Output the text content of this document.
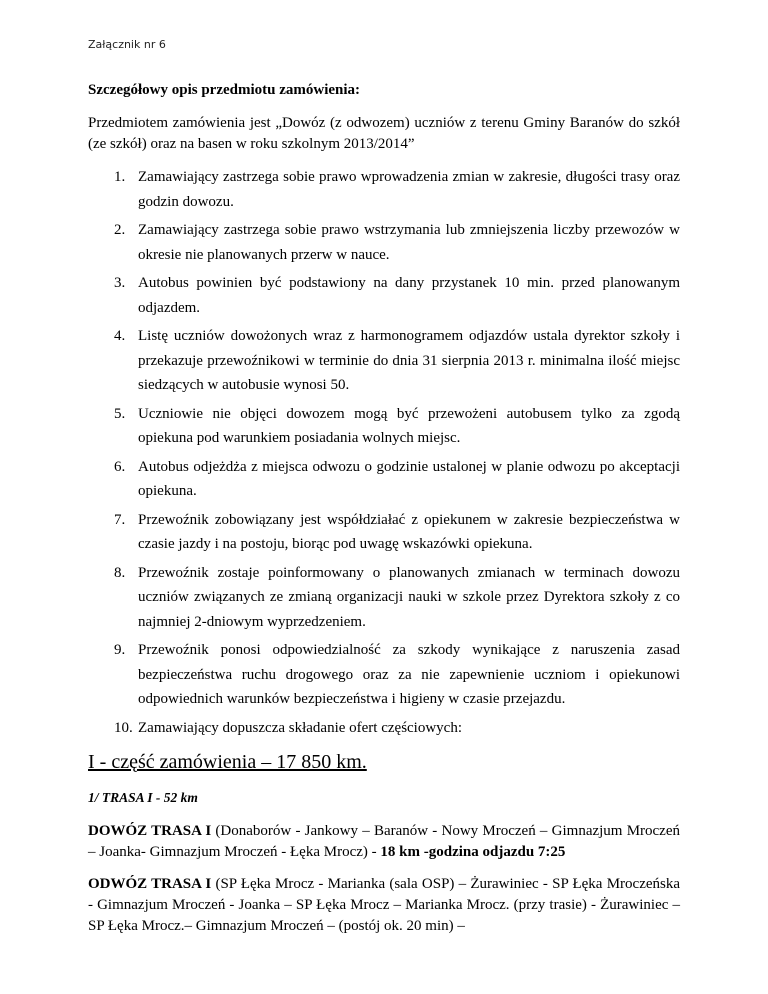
Załącznik nr 6

Szczegółowy opis przedmiotu zamówienia:

Przedmiotem zamówienia jest „Dowóz (z odwozem) uczniów z terenu Gminy Baranów do szkół (ze szkół) oraz na basen w roku szkolnym 2013/2014”

1. Zamawiający zastrzega sobie prawo wprowadzenia zmian w zakresie, długości trasy oraz godzin dowozu.
2. Zamawiający zastrzega sobie prawo wstrzymania lub zmniejszenia liczby przewozów w okresie nie planowanych przerw w nauce.
3. Autobus powinien być podstawiony na dany przystanek 10 min. przed planowanym odjazdem.
4. Listę uczniów dowożonych wraz z harmonogramem odjazdów ustala dyrektor szkoły i przekazuje przewoźnikowi w terminie do dnia 31 sierpnia 2013 r. minimalna ilość miejsc siedzących w autobusie wynosi 50.
5. Uczniowie nie objęci dowozem mogą być przewożeni autobusem tylko za zgodą opiekuna pod warunkiem posiadania wolnych miejsc.
6. Autobus odjeżdża z miejsca odwozu o godzinie ustalonej w planie odwozu po akceptacji opiekuna.
7. Przewoźnik zobowiązany jest współdziałać z opiekunem w zakresie bezpieczeństwa w czasie jazdy i na postoju, biorąc pod uwagę wskazówki opiekuna.
8. Przewoźnik zostaje poinformowany o planowanych zmianach w terminach dowozu uczniów związanych ze zmianą organizacji nauki w szkole przez Dyrektora szkoły z co najmniej 2-dniowym wyprzedzeniem.
9. Przewoźnik ponosi odpowiedzialność za szkody wynikające z naruszenia zasad bezpieczeństwa ruchu drogowego oraz za nie zapewnienie uczniom i opiekunowi odpowiednich warunków bezpieczeństwa i higieny w czasie przejazdu.
10. Zamawiający dopuszcza składanie ofert częściowych:
I - część zamówienia – 17 850 km.
1/ TRASA I - 52 km

DOWÓZ TRASA I (Donaborów - Jankowy – Baranów - Nowy Mroczeń – Gimnazjum Mroczeń – Joanka- Gimnazjum Mroczeń - Łęka Mrocz) - 18 km -godzina odjazdu 7:25

ODWÓZ TRASA I (SP Łęka Mrocz - Marianka (sala OSP) – Żurawiniec - SP Łęka Mroczeńska - Gimnazjum Mroczeń - Joanka – SP Łęka Mrocz – Marianka Mrocz. (przy trasie) - Żurawiniec – SP Łęka Mrocz.– Gimnazjum Mroczeń – (postój ok. 20 min) –
